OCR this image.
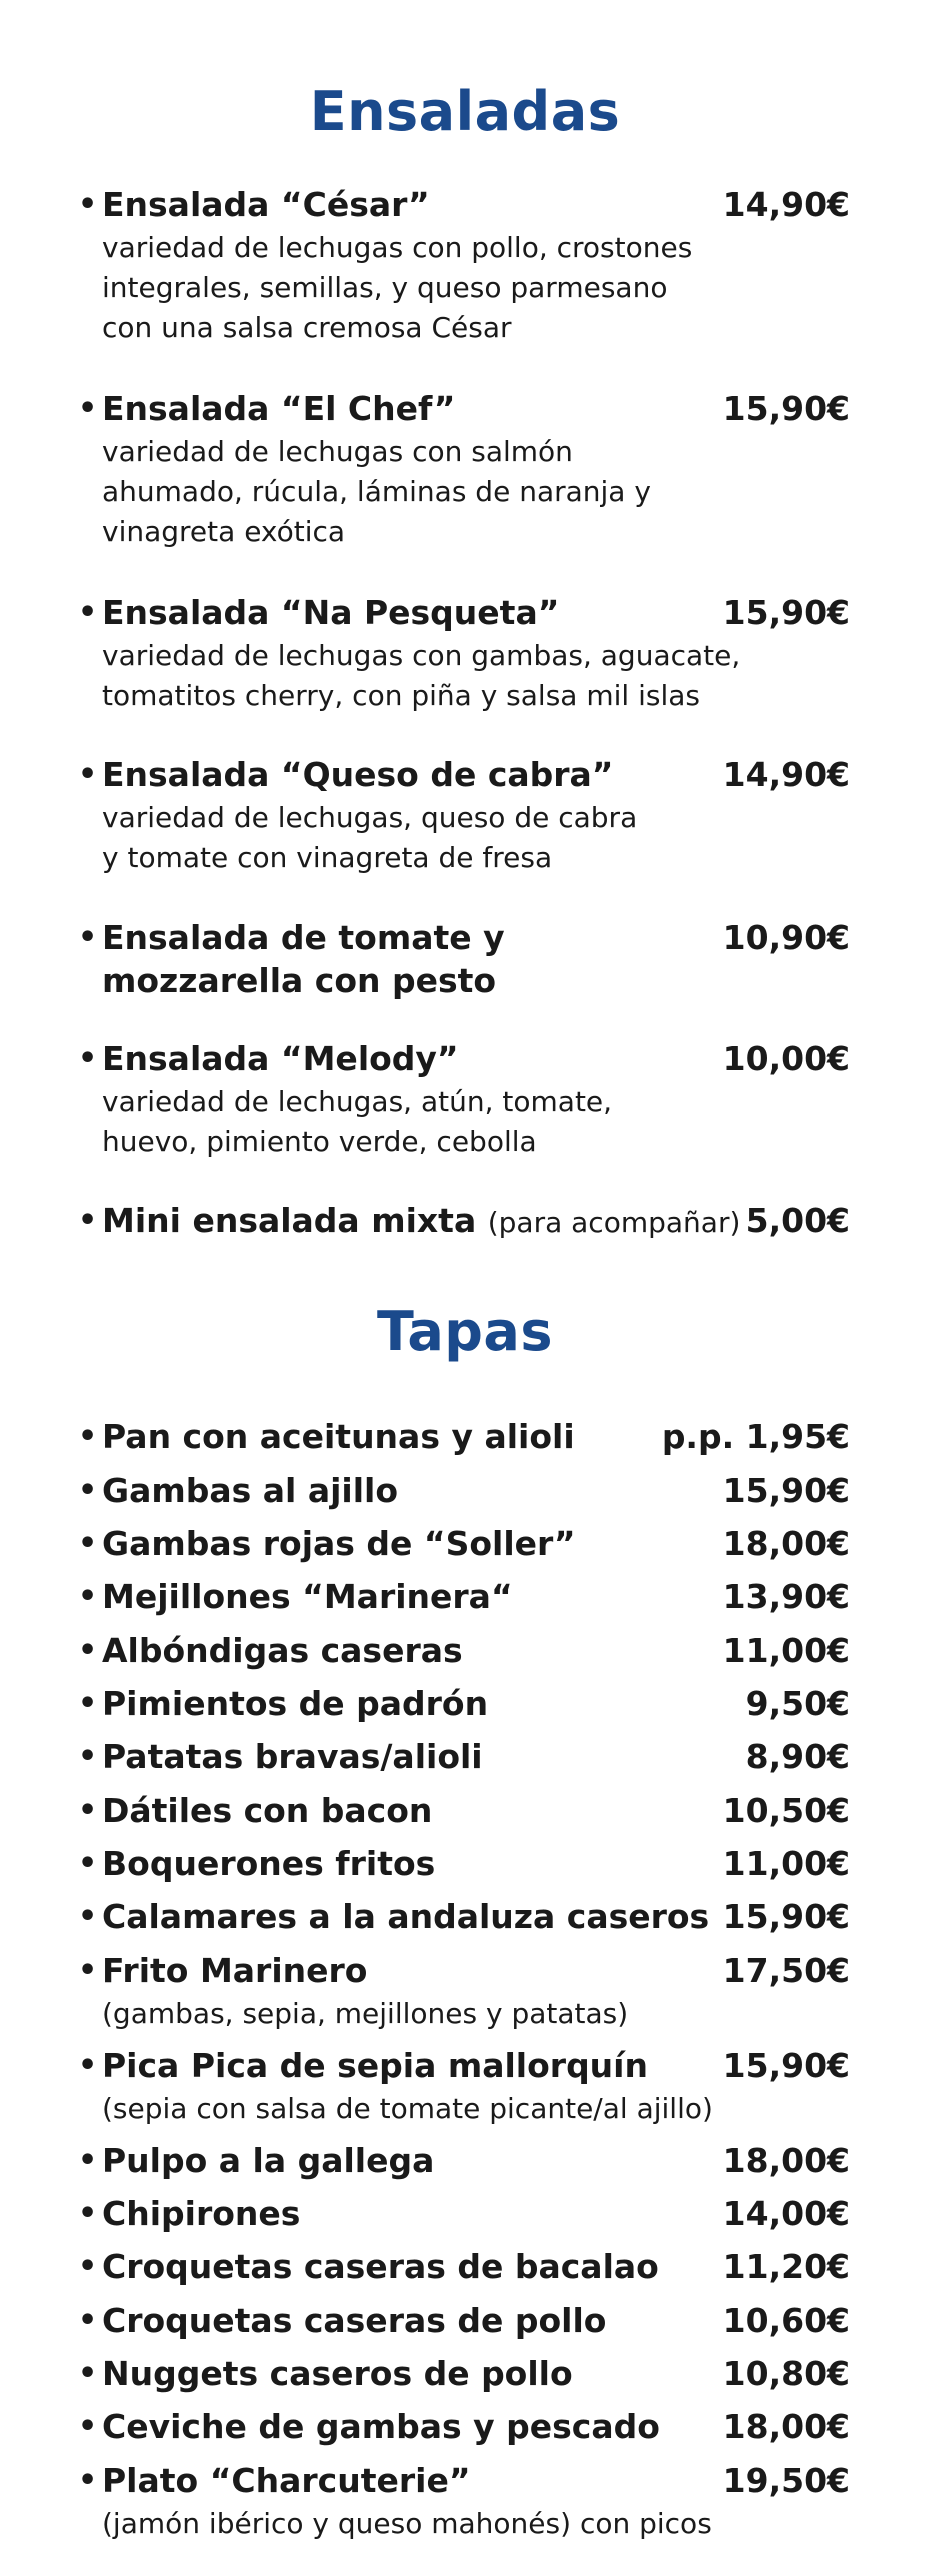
Ensaladas
• Ensalada “César”	14,90€
variedad de lechugas con pollo, crostones
integrales, semillas, y queso parmesano
con una salsa cremosa César
• Ensalada “El Chef”	15,90€
variedad de lechugas con salmón
ahumado, rúcula, láminas de naranja y
vinagreta exótica
• Ensalada “Na Pesqueta”	15,90€
variedad de lechugas con gambas, aguacate,
tomatitos cherry, con piña y salsa mil islas
• Ensalada “Queso de cabra”	14,90€
variedad de lechugas, queso de cabra
y tomate con vinagreta de fresa
• Ensalada de tomate y	10,90€
mozzarella con pesto
• Ensalada “Melody”	10,00€
variedad de lechugas, atún, tomate,
huevo, pimiento verde, cebolla
• Mini ensalada mixta (para acompañar) 5,00€
Tapas
• Pan con aceitunas y alioli	p.p. 1,95€
• Gambas al ajillo	15,90€
• Gambas rojas de “Soller”	18,00€
• Mejillones “Marinera“	13,90€
• Albóndigas caseras	11,00€
• Pimientos de padrón	9,50€
• Patatas bravas/alioli	8,90€
• Dátiles con bacon	10,50€
• Boquerones fritos	11,00€
• Calamares a la andaluza caseros 15,90€
• Frito Marinero	17,50€
(gambas, sepia, mejillones y patatas)
• Pica Pica de sepia mallorquín 15,90€
(sepia con salsa de tomate picante/al ajillo)
• Pulpo a la gallega	18,00€
• Chipirones	14,00€
• Croquetas caseras de bacalao 11,20€
• Croquetas caseras de pollo	10,60€
• Nuggets caseros de pollo	10,80€
• Ceviche de gambas y pescado 18,00€
• Plato “Charcuterie”	19,50€
(jamón ibérico y queso mahonés) con picos
